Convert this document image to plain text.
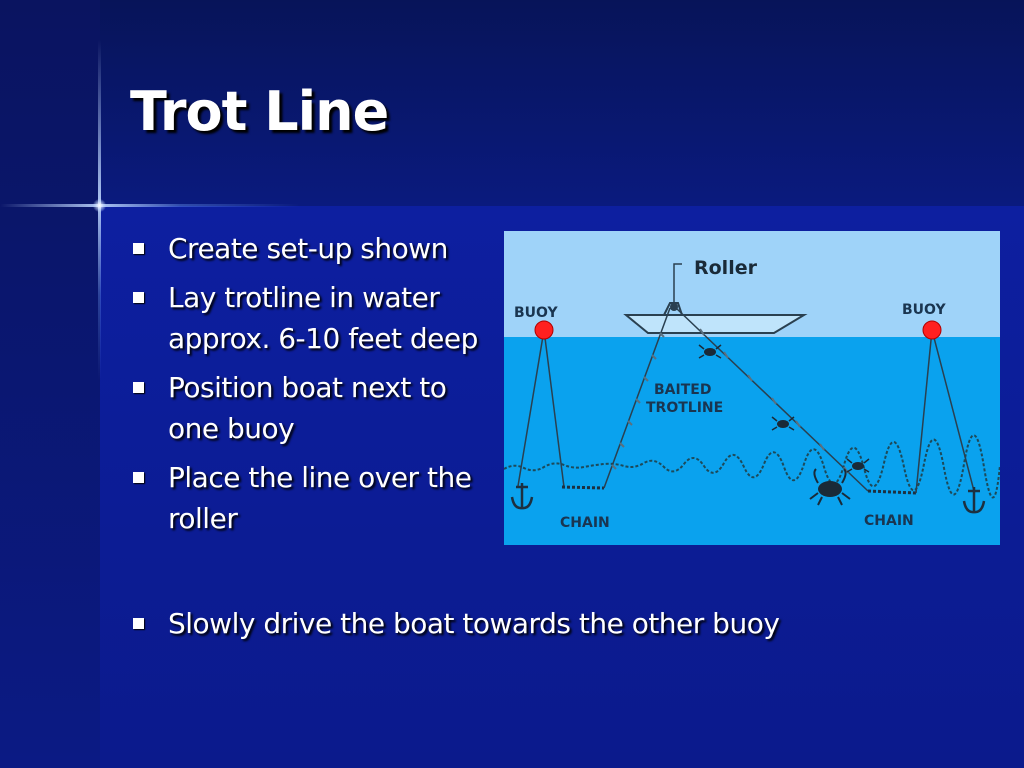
Trot Line
Create set-up shown
Lay trotline in water approx. 6-10 feet deep
Position boat next to one buoy
Place the line over the roller
Slowly drive the boat towards the other buoy
Roller
BUOY	BUOY
BAITED
TROTLINE
CHAIN	CHAIN
